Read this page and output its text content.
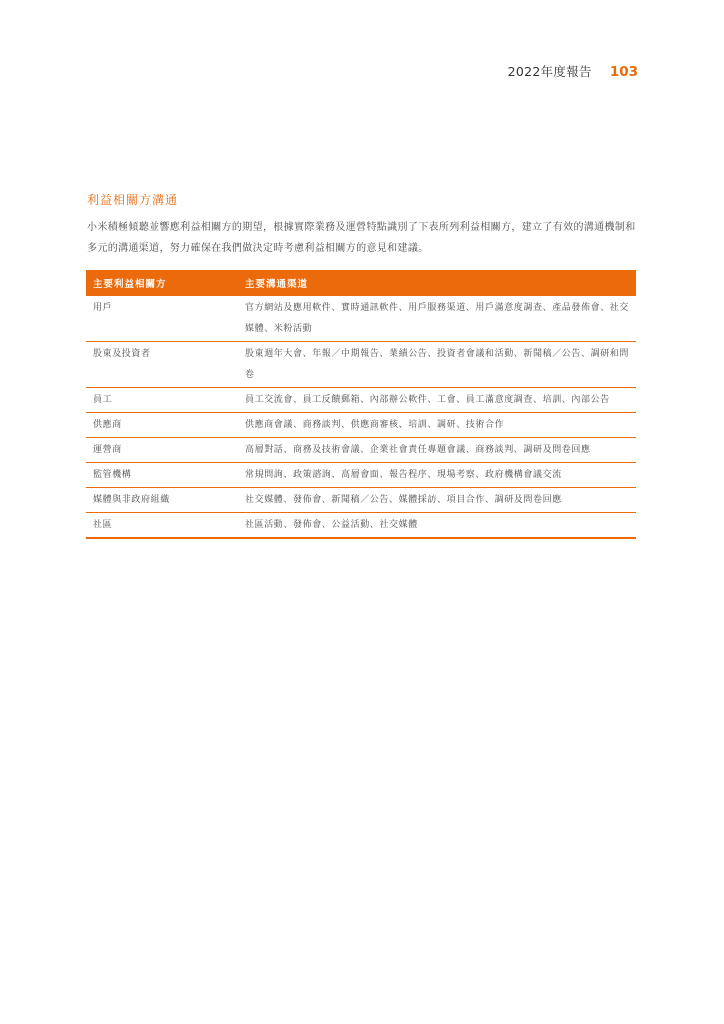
2022年度報告 103
利益相關方溝通

小米積極傾聽並響應利益相關方的期望，根據實際業務及運營特點識別了下表所列利益相關方，建立了有效的溝通機制和多元的溝通渠道，努力確保在我們做決定時考慮利益相關方的意見和建議。

主要利益相關方	主要溝通渠道
用戶	官方網站及應用軟件、實時通訊軟件、用戶服務渠道、用戶滿意度調查、產品發佈會、社交媒體、米粉活動
股東及投資者	股東週年大會、年報／中期報告、業績公告、投資者會議和活動、新聞稿／公告、調研和問卷
員工	員工交流會、員工反饋郵箱、內部辦公軟件、工會、員工滿意度調查、培訓、內部公告
供應商	供應商會議、商務談判、供應商審核、培訓、調研、技術合作
運營商	高層對話、商務及技術會議、企業社會責任專題會議、商務談判、調研及問卷回應
監管機構	常規問詢、政策諮詢、高層會面、報告程序、現場考察、政府機構會議交流
媒體與非政府組織	社交媒體、發佈會、新聞稿／公告、媒體採訪、項目合作、調研及問卷回應
社區	社區活動、發佈會、公益活動、社交媒體
